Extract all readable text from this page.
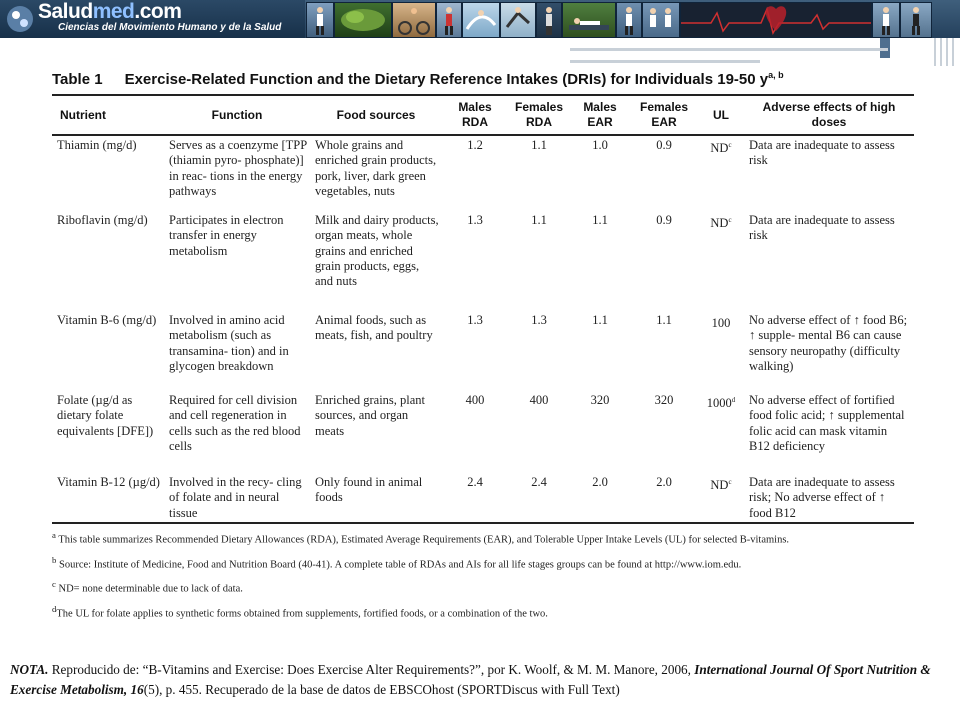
Saludmed.com
Ciencias del Movimiento Humano y de la Salud
Table 1 Exercise-Related Function and the Dietary Reference Intakes (DRIs) for Individuals 19-50 $y^{a, b}$
Nutrient	Function	Food sources	Males RDA	Females RDA	Males EAR	Females EAR	UL	Adverse effects of high doses
Thiamin (mg/d)	Serves as a coenzyme [TPP (thiamin pyro- phosphate)] in reac- tions in the energy pathways	Whole grains and enriched grain products, pork, liver, dark green vegetables, nuts	1.2	1.1	1.0	0.9	$ND^c$	Data are inadequate to assess risk
Riboflavin (mg/d)	Participates in electron transfer in energy metabolism	Milk and dairy products, organ meats, whole grains and enriched grain products, eggs, and nuts	1.3	1.1	1.1	0.9	$ND^c$	Data are inadequate to assess risk
Vitamin B-6 (mg/d)	Involved in amino acid metabolism (such as transamina- tion) and in glycogen breakdown	Animal foods, such as meats, fish, and poultry	1.3	1.3	1.1	1.1	100	No adverse effect of ↑ food B6; ↑ supple- mental B6 can cause sensory neuropathy (difficulty walking)
Folate (µg/d as dietary folate equivalents [DFE])	Required for cell division and cell regeneration in cells such as the red blood cells	Enriched grains, plant sources, and organ meats	400	400	320	320	1000$^d$	No adverse effect of fortified food folic acid; ↑ supplemental folic acid can mask vitamin B12 deficiency
Vitamin B-12 (µg/d)	Involved in the recy- cling of folate and in neural tissue	Only found in animal foods	2.4	2.4	2.0	2.0	$ND^c$	Data are inadequate to assess risk; No adverse effect of ↑ food B12
$^a$ This table summarizes Recommended Dietary Allowances (RDA), Estimated Average Requirements (EAR), and Tolerable Upper Intake Levels (UL) for selected B-vitamins.
$^b$ Source: Institute of Medicine, Food and Nutrition Board (40-41). A complete table of RDAs and AIs for all life stages groups can be found at http://www.iom.edu.
$^c$ ND= none determinable due to lack of data.
$^d$The UL for folate applies to synthetic forms obtained from supplements, fortified foods, or a combination of the two.
NOTA. Reproducido de: “B-Vitamins and Exercise: Does Exercise Alter Requirements?”, por K. Woolf, & M. M. Manore, 2006, International Journal Of Sport Nutrition & Exercise Metabolism, 16(5), p. 455. Recuperado de la base de datos de EBSCOhost (SPORTDiscus with Full Text)
